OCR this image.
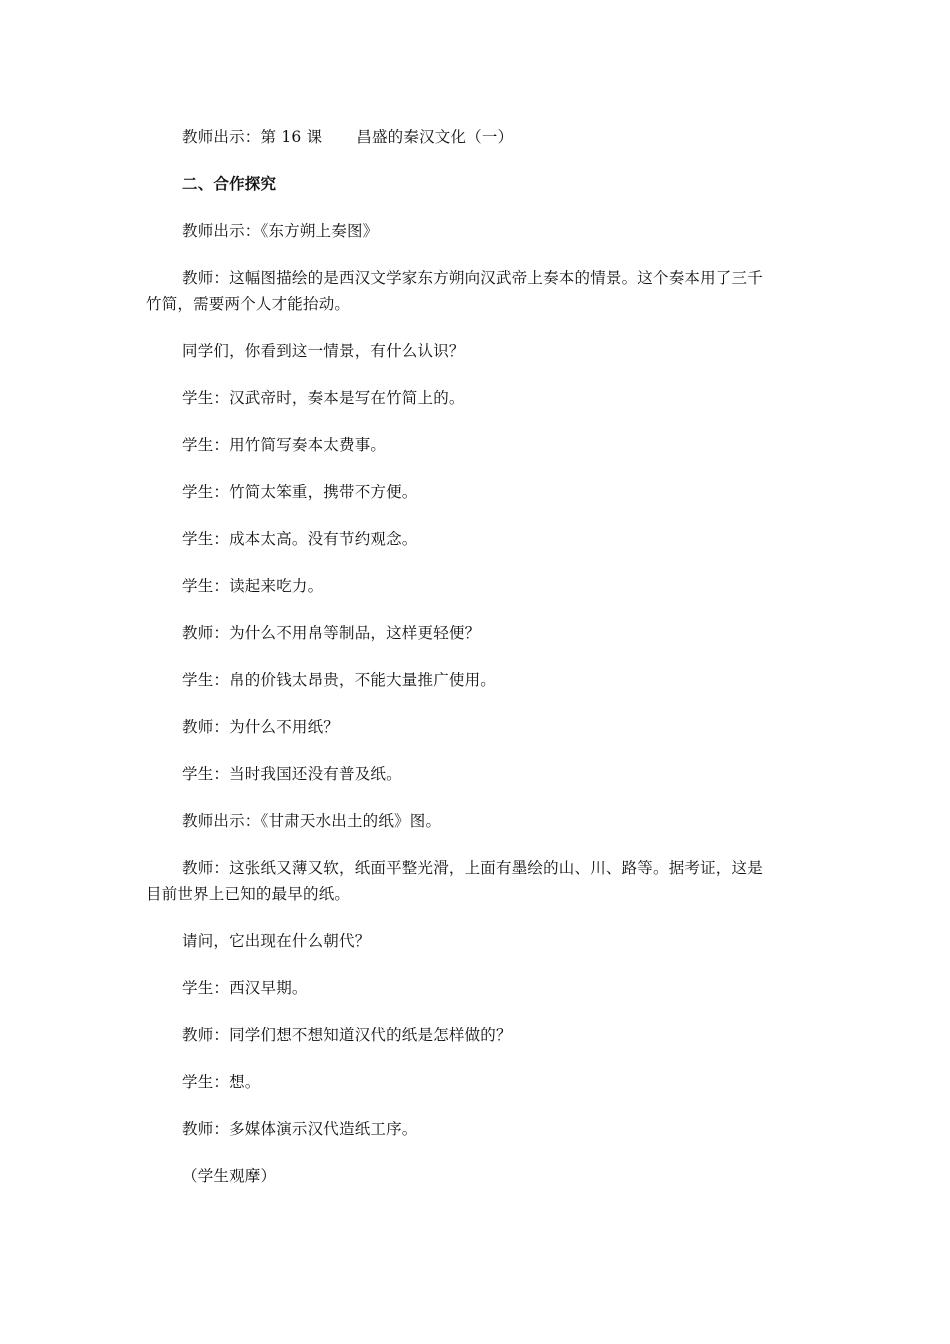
教师出示：第 16 课 昌盛的秦汉文化（一）
二、合作探究
教师出示：《东方朔上奏图》
教师：这幅图描绘的是西汉文学家东方朔向汉武帝上奏本的情景。这个奏本用了三千
竹简，需要两个人才能抬动。
同学们，你看到这一情景，有什么认识？
学生：汉武帝时，奏本是写在竹简上的。
学生：用竹简写奏本太费事。
学生：竹简太笨重，携带不方便。
学生：成本太高。没有节约观念。
学生：读起来吃力。
教师：为什么不用帛等制品，这样更轻便？
学生：帛的价钱太昂贵，不能大量推广使用。
教师：为什么不用纸？
学生：当时我国还没有普及纸。
教师出示：《甘肃天水出土的纸》图。
教师：这张纸又薄又软，纸面平整光滑，上面有墨绘的山、川、路等。据考证，这是
目前世界上已知的最早的纸。
请问，它出现在什么朝代？
学生：西汉早期。
教师：同学们想不想知道汉代的纸是怎样做的？
学生：想。
教师：多媒体演示汉代造纸工序。
（学生观摩）
